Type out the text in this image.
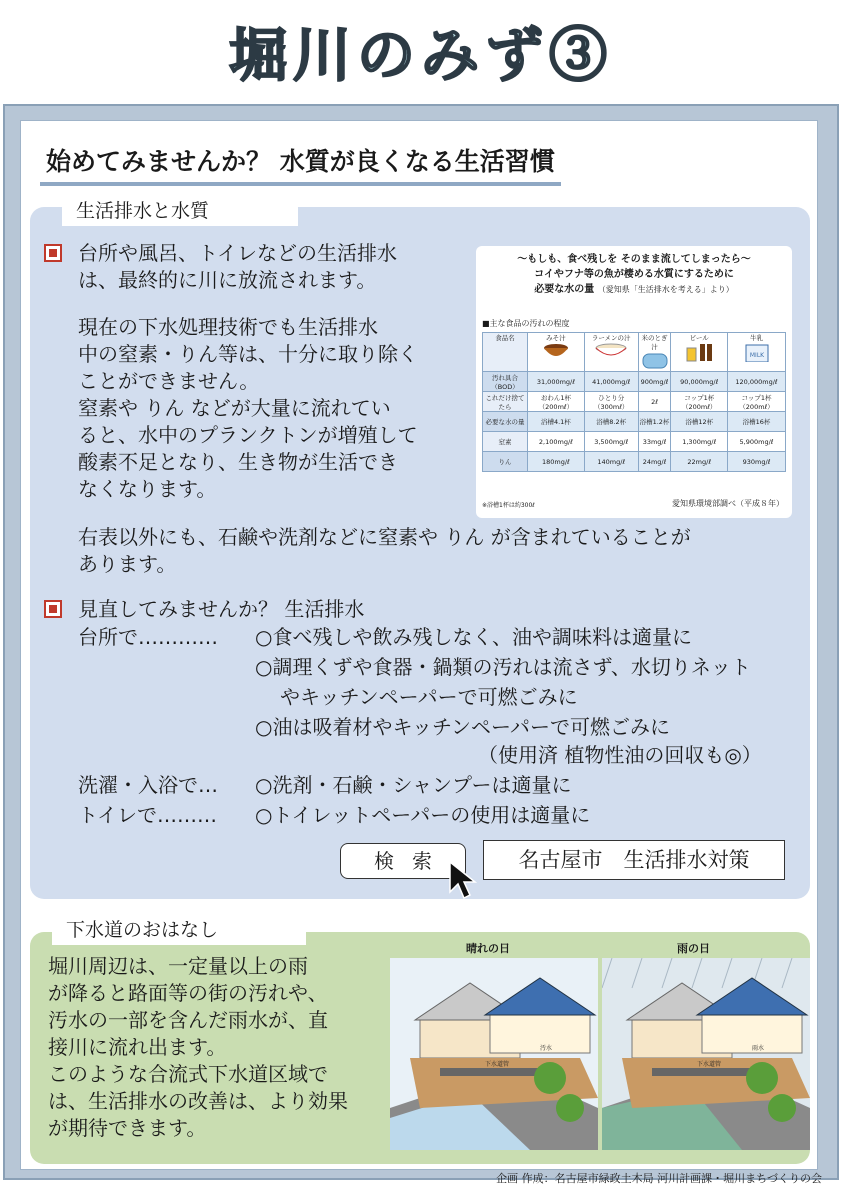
堀川のみず③
始めてみませんか？ 水質が良くなる生活習慣
生活排水と水質
台所や風呂、トイレなどの生活排水
は、最終的に川に放流されます。
現在の下水処理技術でも生活排水
中の窒素・りん等は、十分に取り除く
ことができません。
窒素や りん などが大量に流れてい
ると、水中のプランクトンが増殖して
酸素不足となり、生き物が生活でき
なくなります。
～もしも、食べ残しを そのまま流してしまったら～
コイやフナ等の魚が棲める水質にするために
必要な水の量 （愛知県「生活排水を考える」より）
■主な食品の汚れの程度
食品名	みそ汁	ラーメンの汁	米のとぎ汁	ビール	牛乳
MILK

汚れ具合（BOD）	31,000mg/ℓ	41,000mg/ℓ	900mg/ℓ	90,000mg/ℓ	120,000mg/ℓ
これだけ捨てたら	おわん1杯（200mℓ）	ひとり分（300mℓ）	2ℓ	コップ1杯（200mℓ）	コップ1杯（200mℓ）
必要な水の量	浴槽4.1杯	浴槽8.2杯	浴槽1.2杯	浴槽12杯	浴槽16杯
窒素	2,100mg/ℓ	3,500mg/ℓ	33mg/ℓ	1,300mg/ℓ	5,900mg/ℓ
りん	180mg/ℓ	140mg/ℓ	24mg/ℓ	22mg/ℓ	930mg/ℓ
※浴槽1杯は約300ℓ	愛知県環境部調べ（平成８年）
右表以外にも、石鹸や洗剤などに窒素や りん が含まれていることが
あります。
見直してみませんか？ 生活排水
台所で………… ○食べ残しや飲み残しなく、油や調味料は適量に
○調理くずや食器・鍋類の汚れは流さず、水切りネット
やキッチンペーパーで可燃ごみに
○油は吸着材やキッチンペーパーで可燃ごみに
（使用済 植物性油の回収も◎）
洗濯・入浴で… ○洗剤・石鹸・シャンプーは適量に
トイレで……… ○トイレットペーパーの使用は適量に
検索	名古屋市　生活排水対策
下水道のおはなし
堀川周辺は、一定量以上の雨
が降ると路面等の街の汚れや、
汚水の一部を含んだ雨水が、直
接川に流れ出ます。
このような合流式下水道区域で
は、生活排水の改善は、より効果
が期待できます。
晴れの日	雨の日
下水道管
汚水
下水道管
雨水
企画 作成：名古屋市緑政土木局 河川計画課・堀川まちづくりの会
